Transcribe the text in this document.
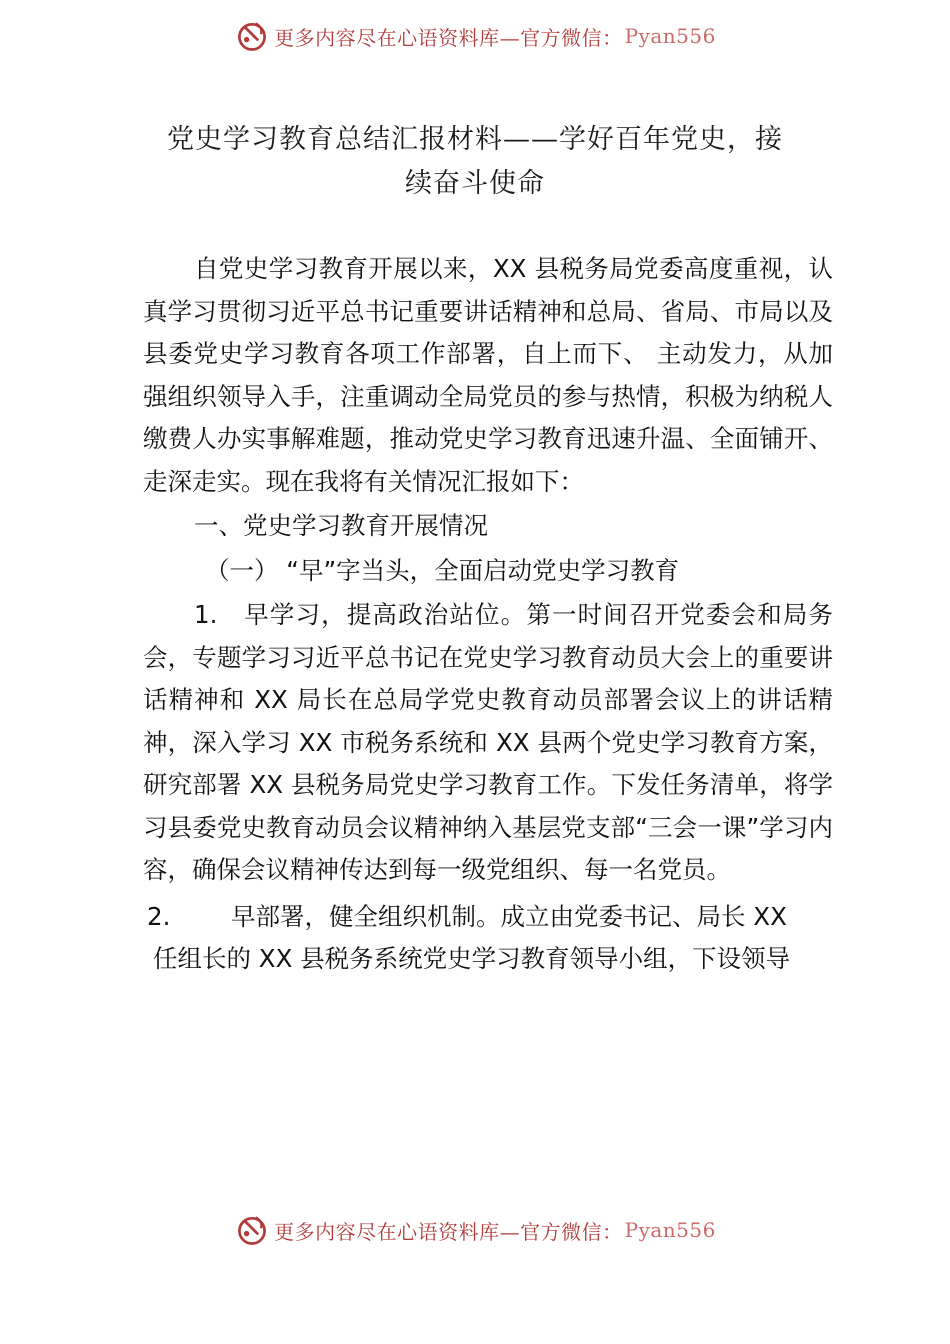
更多内容尽在心语资料库—官方微信： Pyan556
党史学习教育总结汇报材料——学好百年党史，接
续奋斗使命

自党史学习教育开展以来，XX 县税务局党委高度重视，认真学习贯彻习近平总书记重要讲话精神和总局、省局、市局以及县委党史学习教育各项工作部署，自上而下、 主动发力，从加强组织领导入手，注重调动全局党员的参与热情，积极为纳税人缴费人办实事解难题，推动党史学习教育迅速升温、全面铺开、走深走实。现在我将有关情况汇报如下：

一、党史学习教育开展情况

（一） “早”字当头，全面启动党史学习教育

1.　早学习，提高政治站位。第一时间召开党委会和局务会，专题学习习近平总书记在党史学习教育动员大会上的重要讲话精神和 XX 局长在总局学党史教育动员部署会议上的讲话精神，深入学习 XX 市税务系统和 XX 县两个党史学习教育方案，研究部署 XX 县税务局党史学习教育工作。下发任务清单，将学习县委党史教育动员会议精神纳入基层党支部“三会一课”学习内容，确保会议精神传达到每一级党组织、每一名党员。

2.	早部署，健全组织机制。成立由党委书记、局长 XX
任组长的 XX 县税务系统党史学习教育领导小组，下设领导
更多内容尽在心语资料库—官方微信： Pyan556
